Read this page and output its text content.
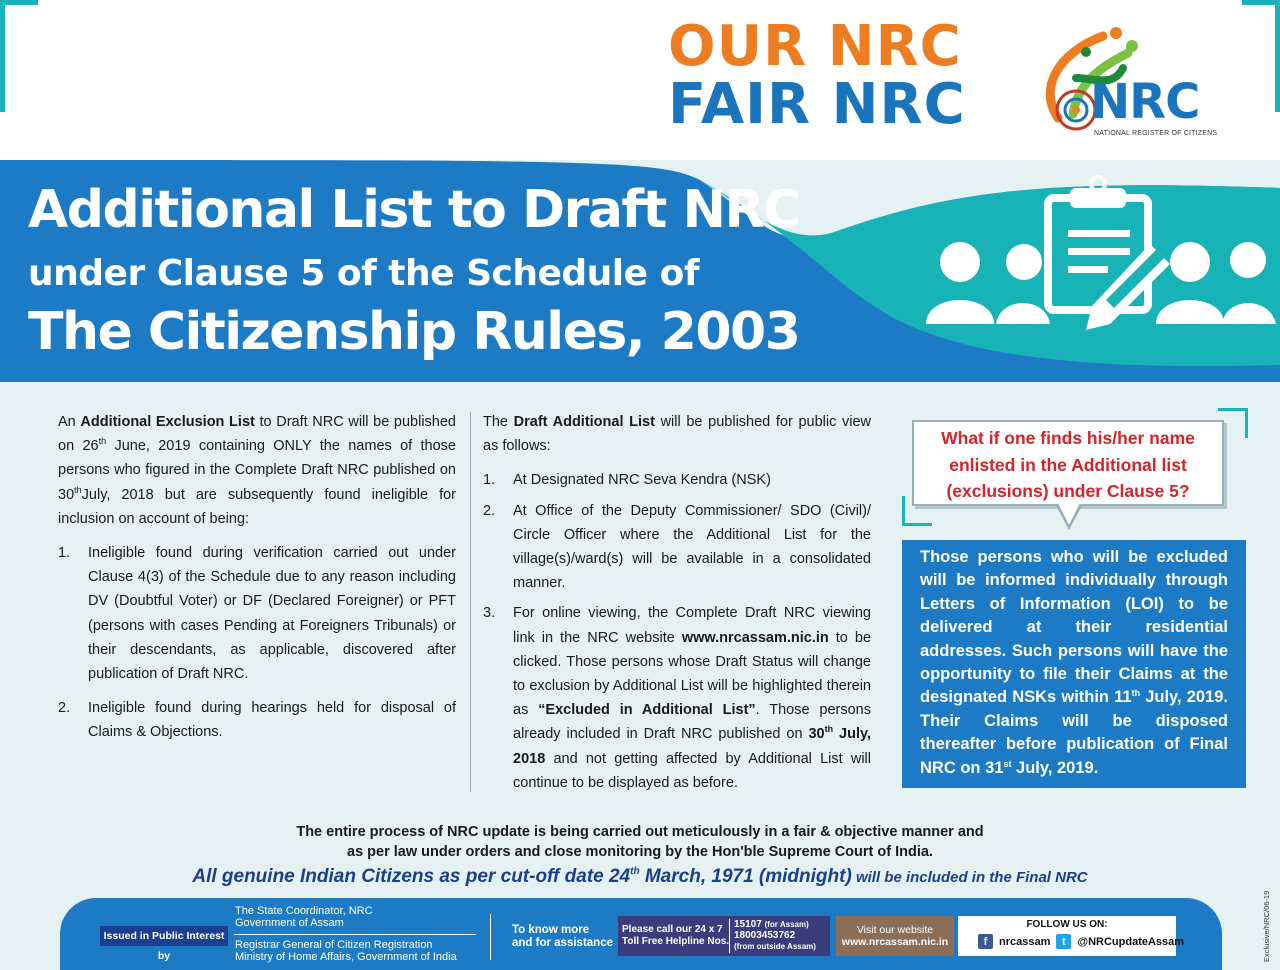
OUR NRC
FAIR NRC	NRC
NATIONAL REGISTER OF CITIZENS
Additional List to Draft NRC
under Clause 5 of the Schedule of
The Citizenship Rules, 2003

An Additional Exclusion List to Draft NRC will be published on 26th June, 2019 containing ONLY the names of those persons who figured in the Complete Draft NRC published on 30thJuly, 2018 but are subsequently found ineligible for inclusion on account of being:

1.	Ineligible found during verification carried out under Clause 4(3) of the Schedule due to any reason including DV (Doubtful Voter) or DF (Declared Foreigner) or PFT (persons with cases Pending at Foreigners Tribunals) or their descendants, as applicable, discovered after publication of Draft NRC.
2.	Ineligible found during hearings held for disposal of Claims & Objections.

The Draft Additional List will be published for public view as follows:

1.	At Designated NRC Seva Kendra (NSK)
2.	At Office of the Deputy Commissioner/ SDO (Civil)/ Circle Officer where the Additional List for the village(s)/ward(s) will be available in a consolidated manner.
3.	For online viewing, the Complete Draft NRC viewing link in the NRC website www.nrcassam.nic.in to be clicked. Those persons whose Draft Status will change to exclusion by Additional List will be highlighted therein as “Excluded in Additional List”. Those persons already included in Draft NRC published on 30th July, 2018 and not getting affected by Additional List will continue to be displayed as before.
What if one finds his/her name enlisted in the Additional list (exclusions) under Clause 5?
Those persons who will be excluded will be informed individually through Letters of Information (LOI) to be delivered at their residential addresses. Such persons will have the opportunity to file their Claims at the designated NSKs within 11th July, 2019. Their Claims will be disposed thereafter before publication of Final NRC on 31st July, 2019.
The entire process of NRC update is being carried out meticulously in a fair & objective manner and
as per law under orders and close monitoring by the Hon'ble Supreme Court of India.
All genuine Indian Citizens as per cut-off date 24th March, 1971 (midnight) will be included in the Final NRC
Issued in Public Interest by
The State Coordinator, NRC
Government of Assam
Registrar General of Citizen Registration
Ministry of Home Affairs, Government of India
To know more
and for assistance
Please call our 24 x 7
Toll Free Helpline Nos.
15107 (for Assam)
18003453762
(from outside Assam)
Visit our website
www.nrcassam.nic.in
FOLLOW US ON:
f	nrcassam	t	@NRCupdateAssam	Exclusive/NRC/06-19
